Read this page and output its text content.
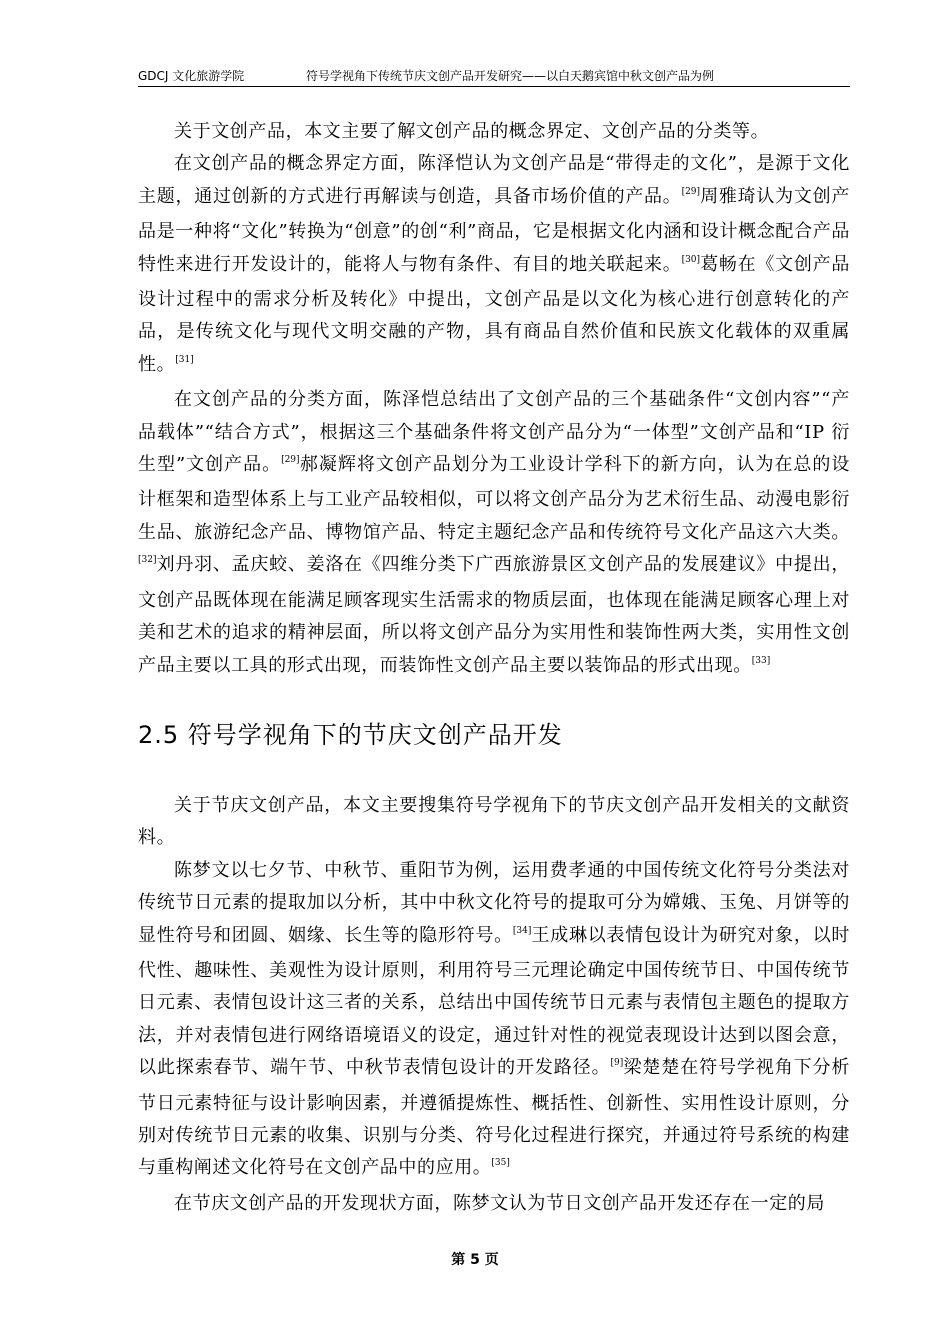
GDCJ 文化旅游学院	符号学视角下传统节庆文创产品开发研究——以白天鹅宾馆中秋文创产品为例

关于文创产品，本文主要了解文创产品的概念界定、文创产品的分类等。

在文创产品的概念界定方面，陈泽恺认为文创产品是“带得走的文化”，是源于文化主题，通过创新的方式进行再解读与创造，具备市场价值的产品。[29]周雅琦认为文创产品是一种将“文化”转换为“创意”的创“利”商品，它是根据文化内涵和设计概念配合产品特性来进行开发设计的，能将人与物有条件、有目的地关联起来。[30]葛畅在《文创产品设计过程中的需求分析及转化》中提出，文创产品是以文化为核心进行创意转化的产品，是传统文化与现代文明交融的产物，具有商品自然价值和民族文化载体的双重属性。[31]

在文创产品的分类方面，陈泽恺总结出了文创产品的三个基础条件“文创内容”“产品载体”“结合方式”，根据这三个基础条件将文创产品分为“一体型”文创产品和“IP 衍生型”文创产品。[29]郝凝辉将文创产品划分为工业设计学科下的新方向，认为在总的设计框架和造型体系上与工业产品较相似，可以将文创产品分为艺术衍生品、动漫电影衍生品、旅游纪念产品、博物馆产品、特定主题纪念产品和传统符号文化产品这六大类。[32]刘丹羽、孟庆蛟、姜洛在《四维分类下广西旅游景区文创产品的发展建议》中提出，文创产品既体现在能满足顾客现实生活需求的物质层面，也体现在能满足顾客心理上对美和艺术的追求的精神层面，所以将文创产品分为实用性和装饰性两大类，实用性文创产品主要以工具的形式出现，而装饰性文创产品主要以装饰品的形式出现。[33]

2.5 符号学视角下的节庆文创产品开发

关于节庆文创产品，本文主要搜集符号学视角下的节庆文创产品开发相关的文献资料。

陈梦文以七夕节、中秋节、重阳节为例，运用费孝通的中国传统文化符号分类法对传统节日元素的提取加以分析，其中中秋文化符号的提取可分为嫦娥、玉兔、月饼等的显性符号和团圆、姻缘、长生等的隐形符号。[34]王成琳以表情包设计为研究对象，以时代性、趣味性、美观性为设计原则，利用符号三元理论确定中国传统节日、中国传统节日元素、表情包设计这三者的关系，总结出中国传统节日元素与表情包主题色的提取方法，并对表情包进行网络语境语义的设定，通过针对性的视觉表现设计达到以图会意，以此探索春节、端午节、中秋节表情包设计的开发路径。[9]梁楚楚在符号学视角下分析节日元素特征与设计影响因素，并遵循提炼性、概括性、创新性、实用性设计原则，分别对传统节日元素的收集、识别与分类、符号化过程进行探究，并通过符号系统的构建与重构阐述文化符号在文创产品中的应用。[35]

在节庆文创产品的开发现状方面，陈梦文认为节日文创产品开发还存在一定的局

第 5 页
